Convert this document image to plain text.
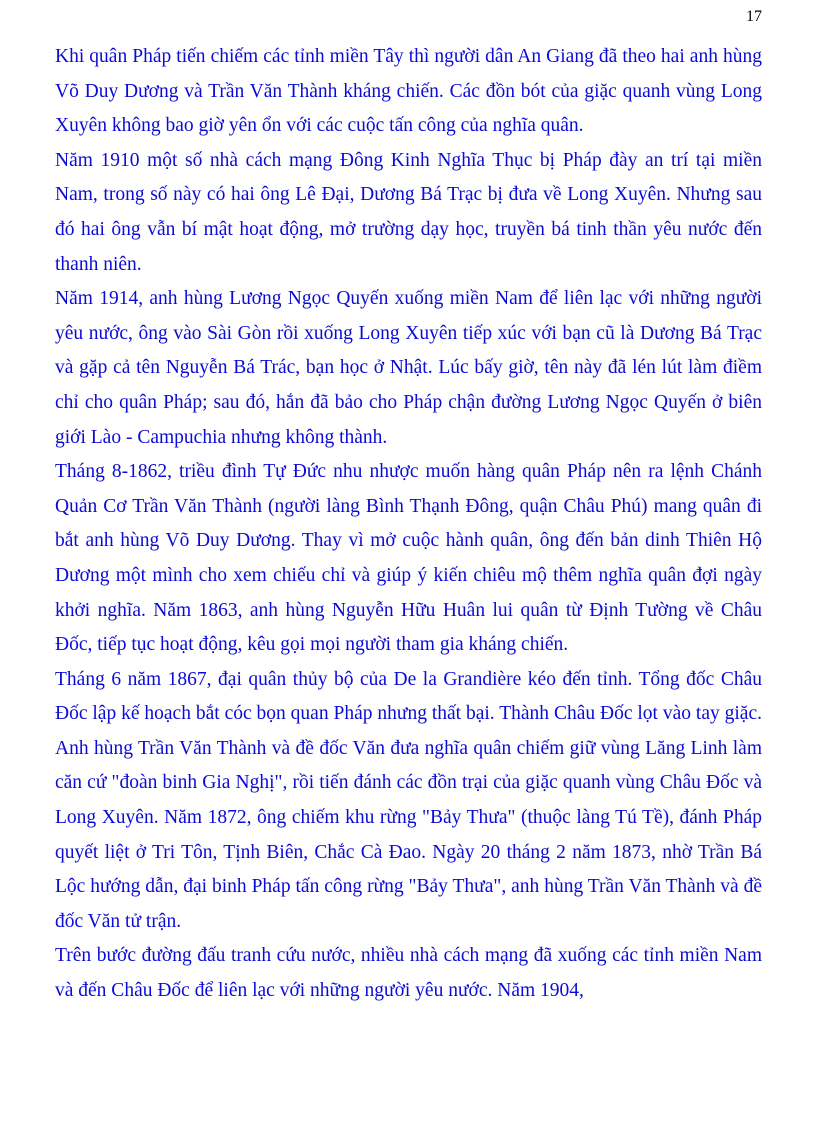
17

Khi quân Pháp tiến chiếm các tỉnh miền Tây thì người dân An Giang đã theo hai anh hùng Võ Duy Dương và Trần Văn Thành kháng chiến. Các đồn bót của giặc quanh vùng Long Xuyên không bao giờ yên ổn với các cuộc tấn công của nghĩa quân.

Năm 1910 một số nhà cách mạng Đông Kinh Nghĩa Thục bị Pháp đày an trí tại miền Nam, trong số này có hai ông Lê Đại, Dương Bá Trạc bị đưa về Long Xuyên. Nhưng sau đó hai ông vẫn bí mật hoạt động, mở trường dạy học, truyền bá tinh thần yêu nước đến thanh niên.

Năm 1914, anh hùng Lương Ngọc Quyến xuống miền Nam để liên lạc với những người yêu nước, ông vào Sài Gòn rồi xuống Long Xuyên tiếp xúc với bạn cũ là Dương Bá Trạc và gặp cả tên Nguyễn Bá Trác, bạn học ở Nhật. Lúc bấy giờ, tên này đã lén lút làm điềm chỉ cho quân Pháp; sau đó, hắn đã bảo cho Pháp chận đường Lương Ngọc Quyến ở biên giới Lào - Campuchia nhưng không thành.

Tháng 8-1862, triều đình Tự Đức nhu nhược muốn hàng quân Pháp nên ra lệnh Chánh Quản Cơ Trần Văn Thành (người làng Bình Thạnh Đông, quận Châu Phú) mang quân đi bắt anh hùng Võ Duy Dương. Thay vì mở cuộc hành quân, ông đến bản dinh Thiên Hộ Dương một mình cho xem chiếu chỉ và giúp ý kiến chiêu mộ thêm nghĩa quân đợi ngày khởi nghĩa. Năm 1863, anh hùng Nguyễn Hữu Huân lui quân từ Định Tường về Châu Đốc, tiếp tục hoạt động, kêu gọi mọi người tham gia kháng chiến.

Tháng 6 năm 1867, đại quân thủy bộ của De la Grandière kéo đến tỉnh. Tổng đốc Châu Đốc lập kế hoạch bắt cóc bọn quan Pháp nhưng thất bại. Thành Châu Đốc lọt vào tay giặc. Anh hùng Trần Văn Thành và đề đốc Văn đưa nghĩa quân chiếm giữ vùng Lăng Linh làm căn cứ "đoàn binh Gia Nghị", rồi tiến đánh các đồn trại của giặc quanh vùng Châu Đốc và Long Xuyên. Năm 1872, ông chiếm khu rừng "Bảy Thưa" (thuộc làng Tú Tề), đánh Pháp quyết liệt ở Tri Tôn, Tịnh Biên, Chắc Cà Đao. Ngày 20 tháng 2 năm 1873, nhờ Trần Bá Lộc hướng dẫn, đại binh Pháp tấn công rừng "Bảy Thưa", anh hùng Trần Văn Thành và đề đốc Văn tử trận.

Trên bước đường đấu tranh cứu nước, nhiều nhà cách mạng đã xuống các tỉnh miền Nam và đến Châu Đốc để liên lạc với những người yêu nước. Năm 1904,
